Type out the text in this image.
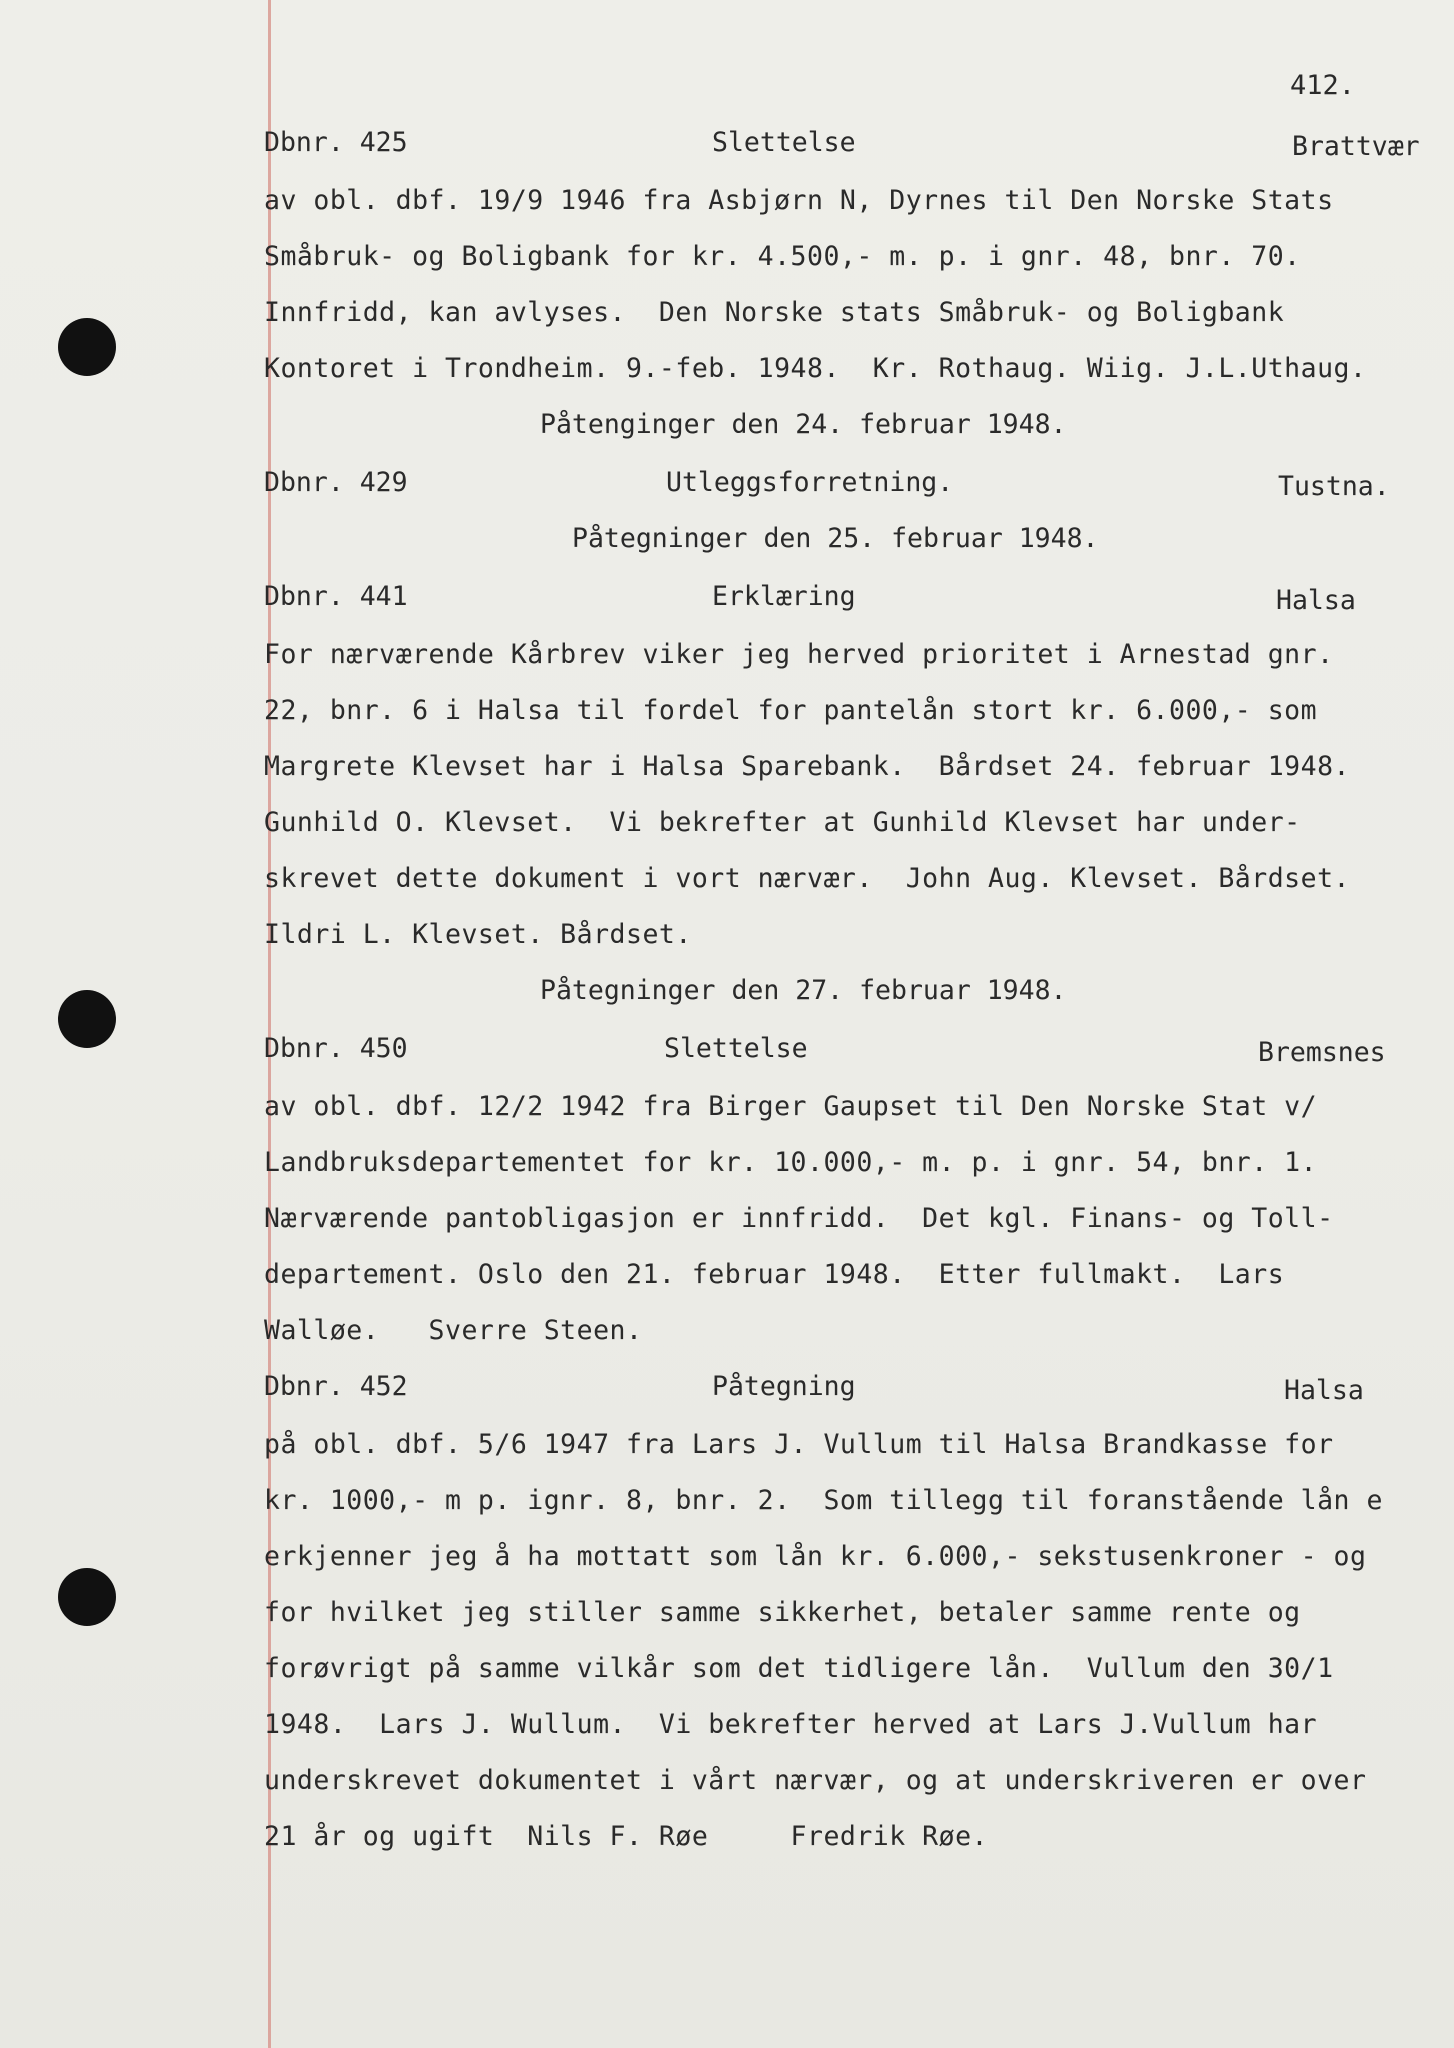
412.
Dbnr. 425	Slettelse	Brattvær
av obl. dbf. 19/9 1946 fra Asbjørn N, Dyrnes til Den Norske Stats
Småbruk- og Boligbank for kr. 4.500,- m. p. i gnr. 48, bnr. 70.
Innfridd, kan avlyses.  Den Norske stats Småbruk- og Boligbank
Kontoret i Trondheim. 9.-feb. 1948.  Kr. Rothaug. Wiig. J.L.Uthaug.
Påtenginger den 24. februar 1948.
Dbnr. 429	Utleggsforretning.	Tustna.
Påtegninger den 25. februar 1948.
Dbnr. 441	Erklæring	Halsa
For nærværende Kårbrev viker jeg herved prioritet i Arnestad gnr.
22, bnr. 6 i Halsa til fordel for pantelån stort kr. 6.000,- som
Margrete Klevset har i Halsa Sparebank.  Bårdset 24. februar 1948.
Gunhild O. Klevset.  Vi bekrefter at Gunhild Klevset har under-
skrevet dette dokument i vort nærvær.  John Aug. Klevset. Bårdset.
Ildri L. Klevset. Bårdset.
Påtegninger den 27. februar 1948.
Dbnr. 450	Slettelse	Bremsnes
av obl. dbf. 12/2 1942 fra Birger Gaupset til Den Norske Stat v/
Landbruksdepartementet for kr. 10.000,- m. p. i gnr. 54, bnr. 1.
Nærværende pantobligasjon er innfridd.  Det kgl. Finans- og Toll-
departement. Oslo den 21. februar 1948.  Etter fullmakt.  Lars
Walløe.   Sverre Steen.
Dbnr. 452	Påtegning	Halsa
på obl. dbf. 5/6 1947 fra Lars J. Vullum til Halsa Brandkasse for
kr. 1000,- m p. ignr. 8, bnr. 2.  Som tillegg til foranstående lån e
erkjenner jeg å ha mottatt som lån kr. 6.000,- sekstusenkroner - og
for hvilket jeg stiller samme sikkerhet, betaler samme rente og
forøvrigt på samme vilkår som det tidligere lån.  Vullum den 30/1
1948.  Lars J. Wullum.  Vi bekrefter herved at Lars J.Vullum har
underskrevet dokumentet i vårt nærvær, og at underskriveren er over
21 år og ugift  Nils F. Røe     Fredrik Røe.
